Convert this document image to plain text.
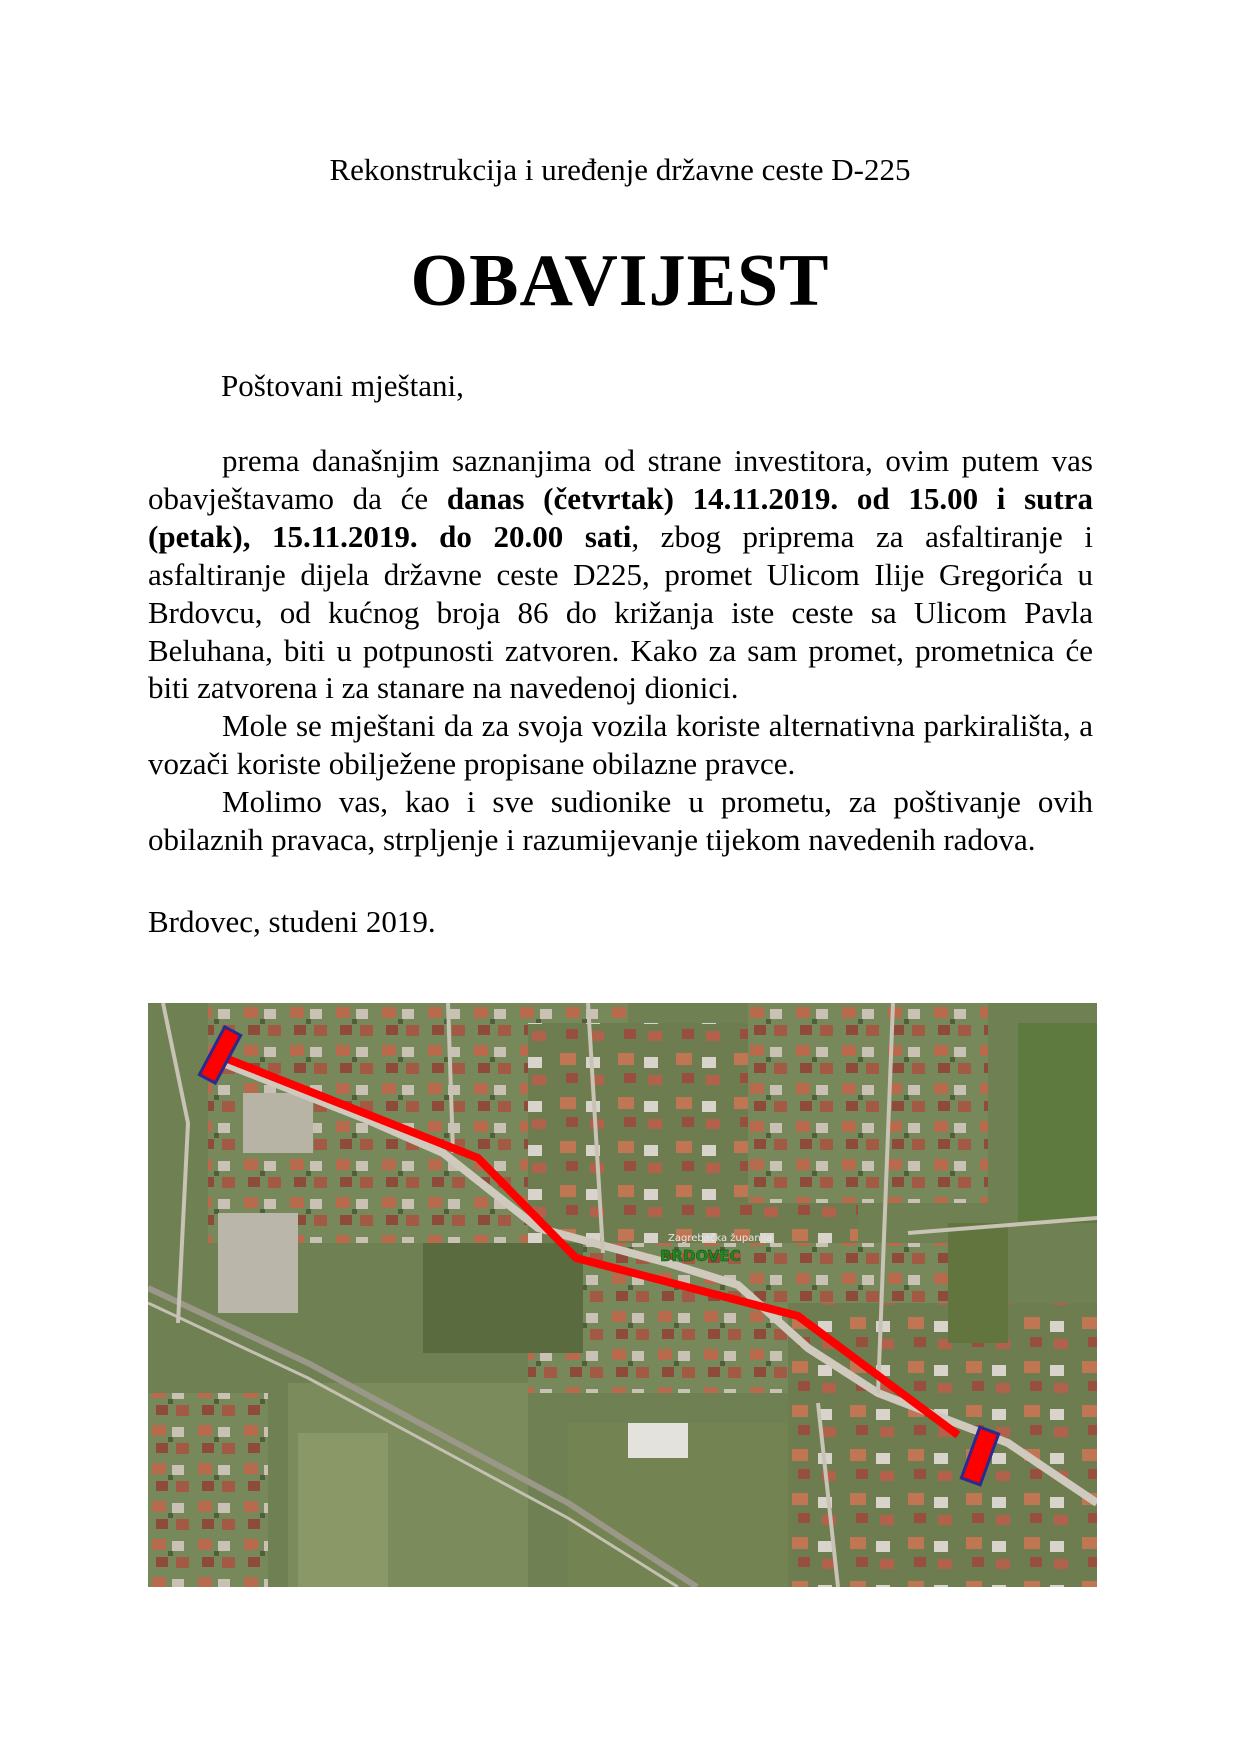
Rekonstrukcija i uređenje državne ceste D-225
OBAVIJEST
Poštovani mještani,

prema današnjim saznanjima od strane investitora, ovim putem vas obavještavamo da će danas (četvrtak) 14.11.2019. od 15.00 i sutra (petak), 15.11.2019. do 20.00 sati, zbog priprema za asfaltiranje i asfaltiranje dijela državne ceste D225, promet Ulicom Ilije Gregorića u Brdovcu, od kućnog broja 86 do križanja iste ceste sa Ulicom Pavla Beluhana, biti u potpunosti zatvoren. Kako za sam promet, prometnica će biti zatvorena i za stanare na navedenoj dionici.

Mole se mještani da za svoja vozila koriste alternativna parkirališta, a vozači koriste obilježene propisane obilazne pravce.

Molimo vas, kao i sve sudionike u prometu, za poštivanje ovih obilaznih pravaca, strpljenje i razumijevanje tijekom navedenih radova.

Brdovec, studeni 2019.
Zagrebačka županija
BRDOVEC
